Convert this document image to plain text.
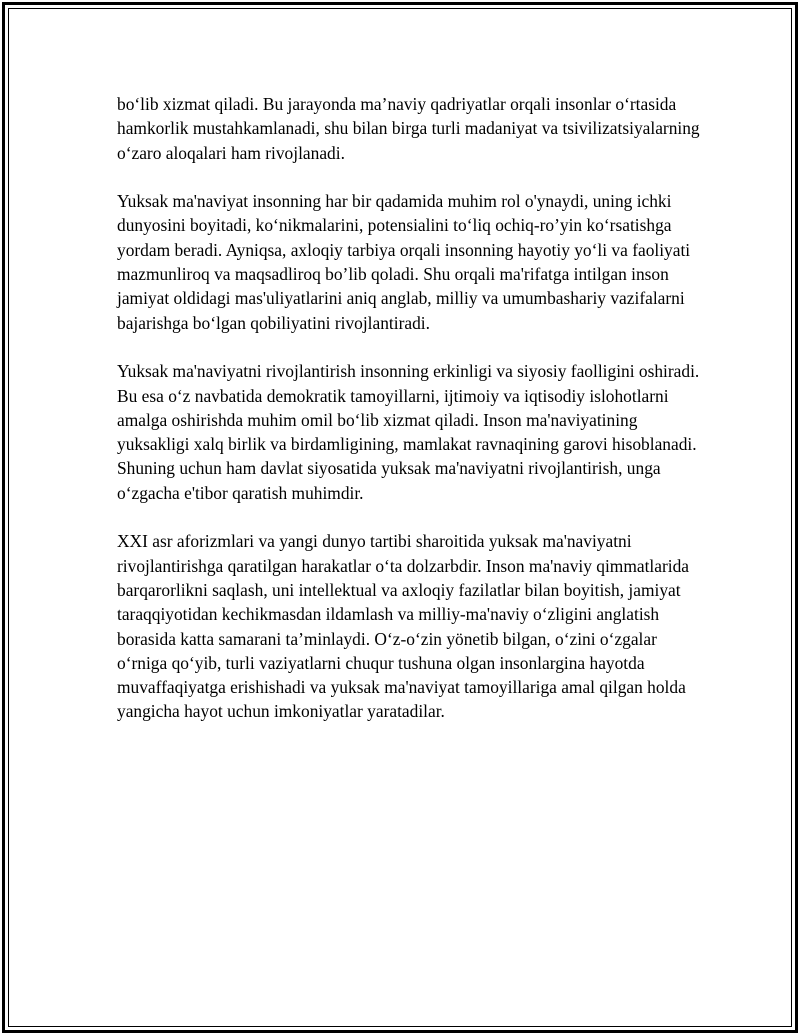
bo‘lib xizmat qiladi. Bu jarayonda ma’naviy qadriyatlar orqali insonlar o‘rtasida hamkorlik mustahkamlanadi, shu bilan birga turli madaniyat va tsivilizatsiyalarning o‘zaro aloqalari ham rivojlanadi.

Yuksak ma'naviyat insonning har bir qadamida muhim rol o'ynaydi, uning ichki dunyosini boyitadi, ko‘nikmalarini, potensialini to‘liq ochiq-ro’yin ko‘rsatishga yordam beradi. Ayniqsa, axloqiy tarbiya orqali insonning hayotiy yo‘li va faoliyati mazmunliroq va maqsadliroq bo’lib qoladi. Shu orqali ma'rifatga intilgan inson jamiyat oldidagi mas'uliyatlarini aniq anglab, milliy va umumbashariy vazifalarni bajarishga bo‘lgan qobiliyatini rivojlantiradi.

Yuksak ma'naviyatni rivojlantirish insonning erkinligi va siyosiy faolligini oshiradi. Bu esa o‘z navbatida demokratik tamoyillarni, ijtimoiy va iqtisodiy islohotlarni amalga oshirishda muhim omil bo‘lib xizmat qiladi. Inson ma'naviyatining yuksakligi xalq birlik va birdamligining, mamlakat ravnaqining garovi hisoblanadi. Shuning uchun ham davlat siyosatida yuksak ma'naviyatni rivojlantirish, unga o‘zgacha e'tibor qaratish muhimdir.

XXI asr aforizmlari va yangi dunyo tartibi sharoitida yuksak ma'naviyatni rivojlantirishga qaratilgan harakatlar o‘ta dolzarbdir. Inson ma'naviy qimmatlarida barqarorlikni saqlash, uni intellektual va axloqiy fazilatlar bilan boyitish, jamiyat taraqqiyotidan kechikmasdan ildamlash va milliy-ma'naviy o‘zligini anglatish borasida katta samarani ta’minlaydi. O‘z-o‘zin yönetib bilgan, o‘zini o‘zgalar o‘rniga qo‘yib, turli vaziyatlarni chuqur tushuna olgan insonlargina hayotda muvaffaqiyatga erishishadi va yuksak ma'naviyat tamoyillariga amal qilgan holda yangicha hayot uchun imkoniyatlar yaratadilar.
